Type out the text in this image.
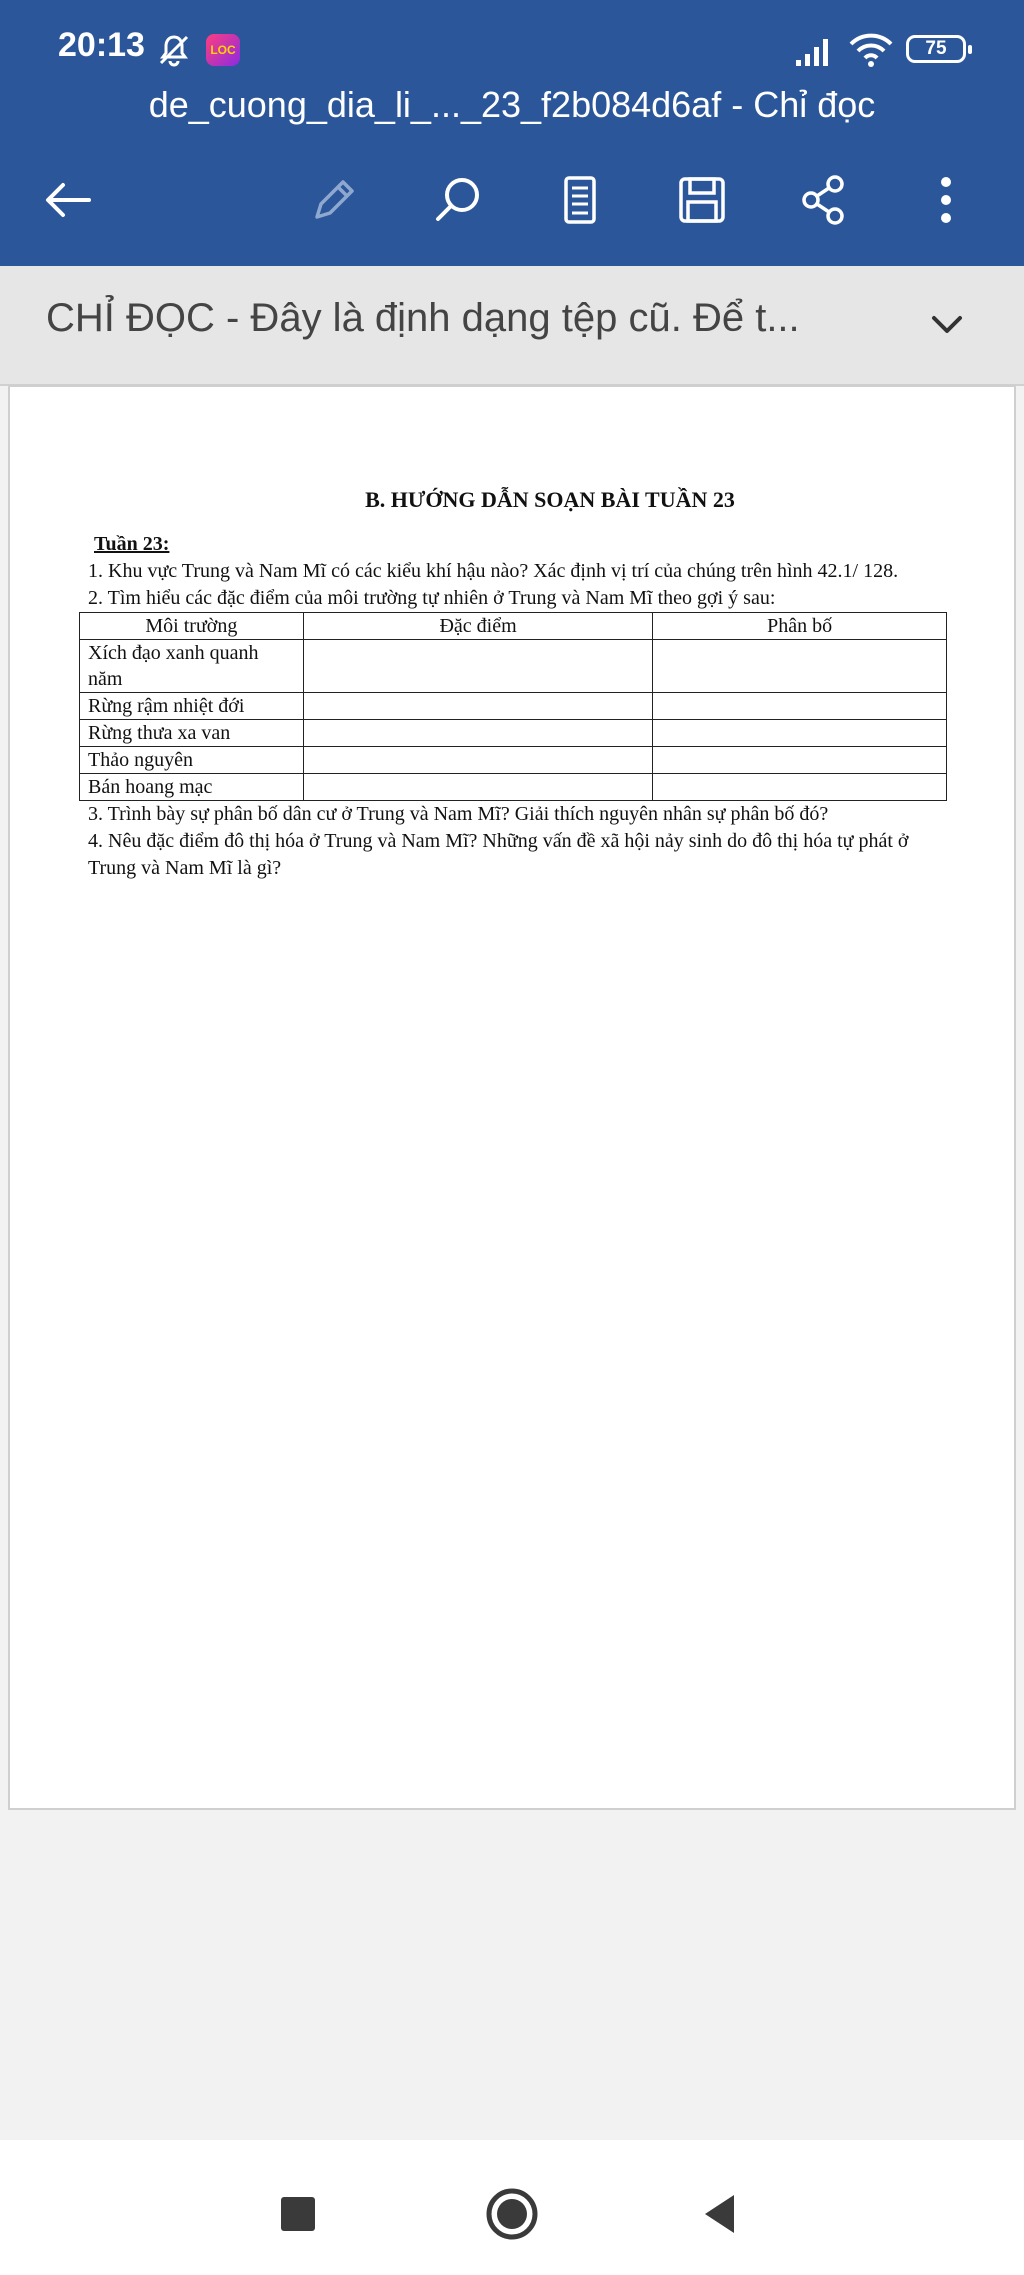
20:13	LOC	75
de_cuong_dia_li_..._23_f2b084d6af - Chỉ đọc
CHỈ ĐỌC - Đây là định dạng tệp cũ. Để t...
B. HƯỚNG DẪN SOẠN BÀI TUẦN 23
Tuần 23:
1. Khu vực Trung và Nam Mĩ có các kiểu khí hậu nào? Xác định vị trí của chúng trên hình 42.1/ 128.
2. Tìm hiểu các đặc điểm của môi trường tự nhiên ở Trung và Nam Mĩ theo gợi ý sau:
Môi trường	Đặc điểm	Phân bố
Xích đạo xanh quanh năm		
Rừng rậm nhiệt đới		
Rừng thưa xa van		
Thảo nguyên		
Bán hoang mạc		
3. Trình bày sự phân bố dân cư ở Trung và Nam Mĩ? Giải thích nguyên nhân sự phân bố đó?
4. Nêu đặc điểm đô thị hóa ở Trung và Nam Mĩ? Những vấn đề xã hội nảy sinh do đô thị hóa tự phát ở Trung và Nam Mĩ là gì?
